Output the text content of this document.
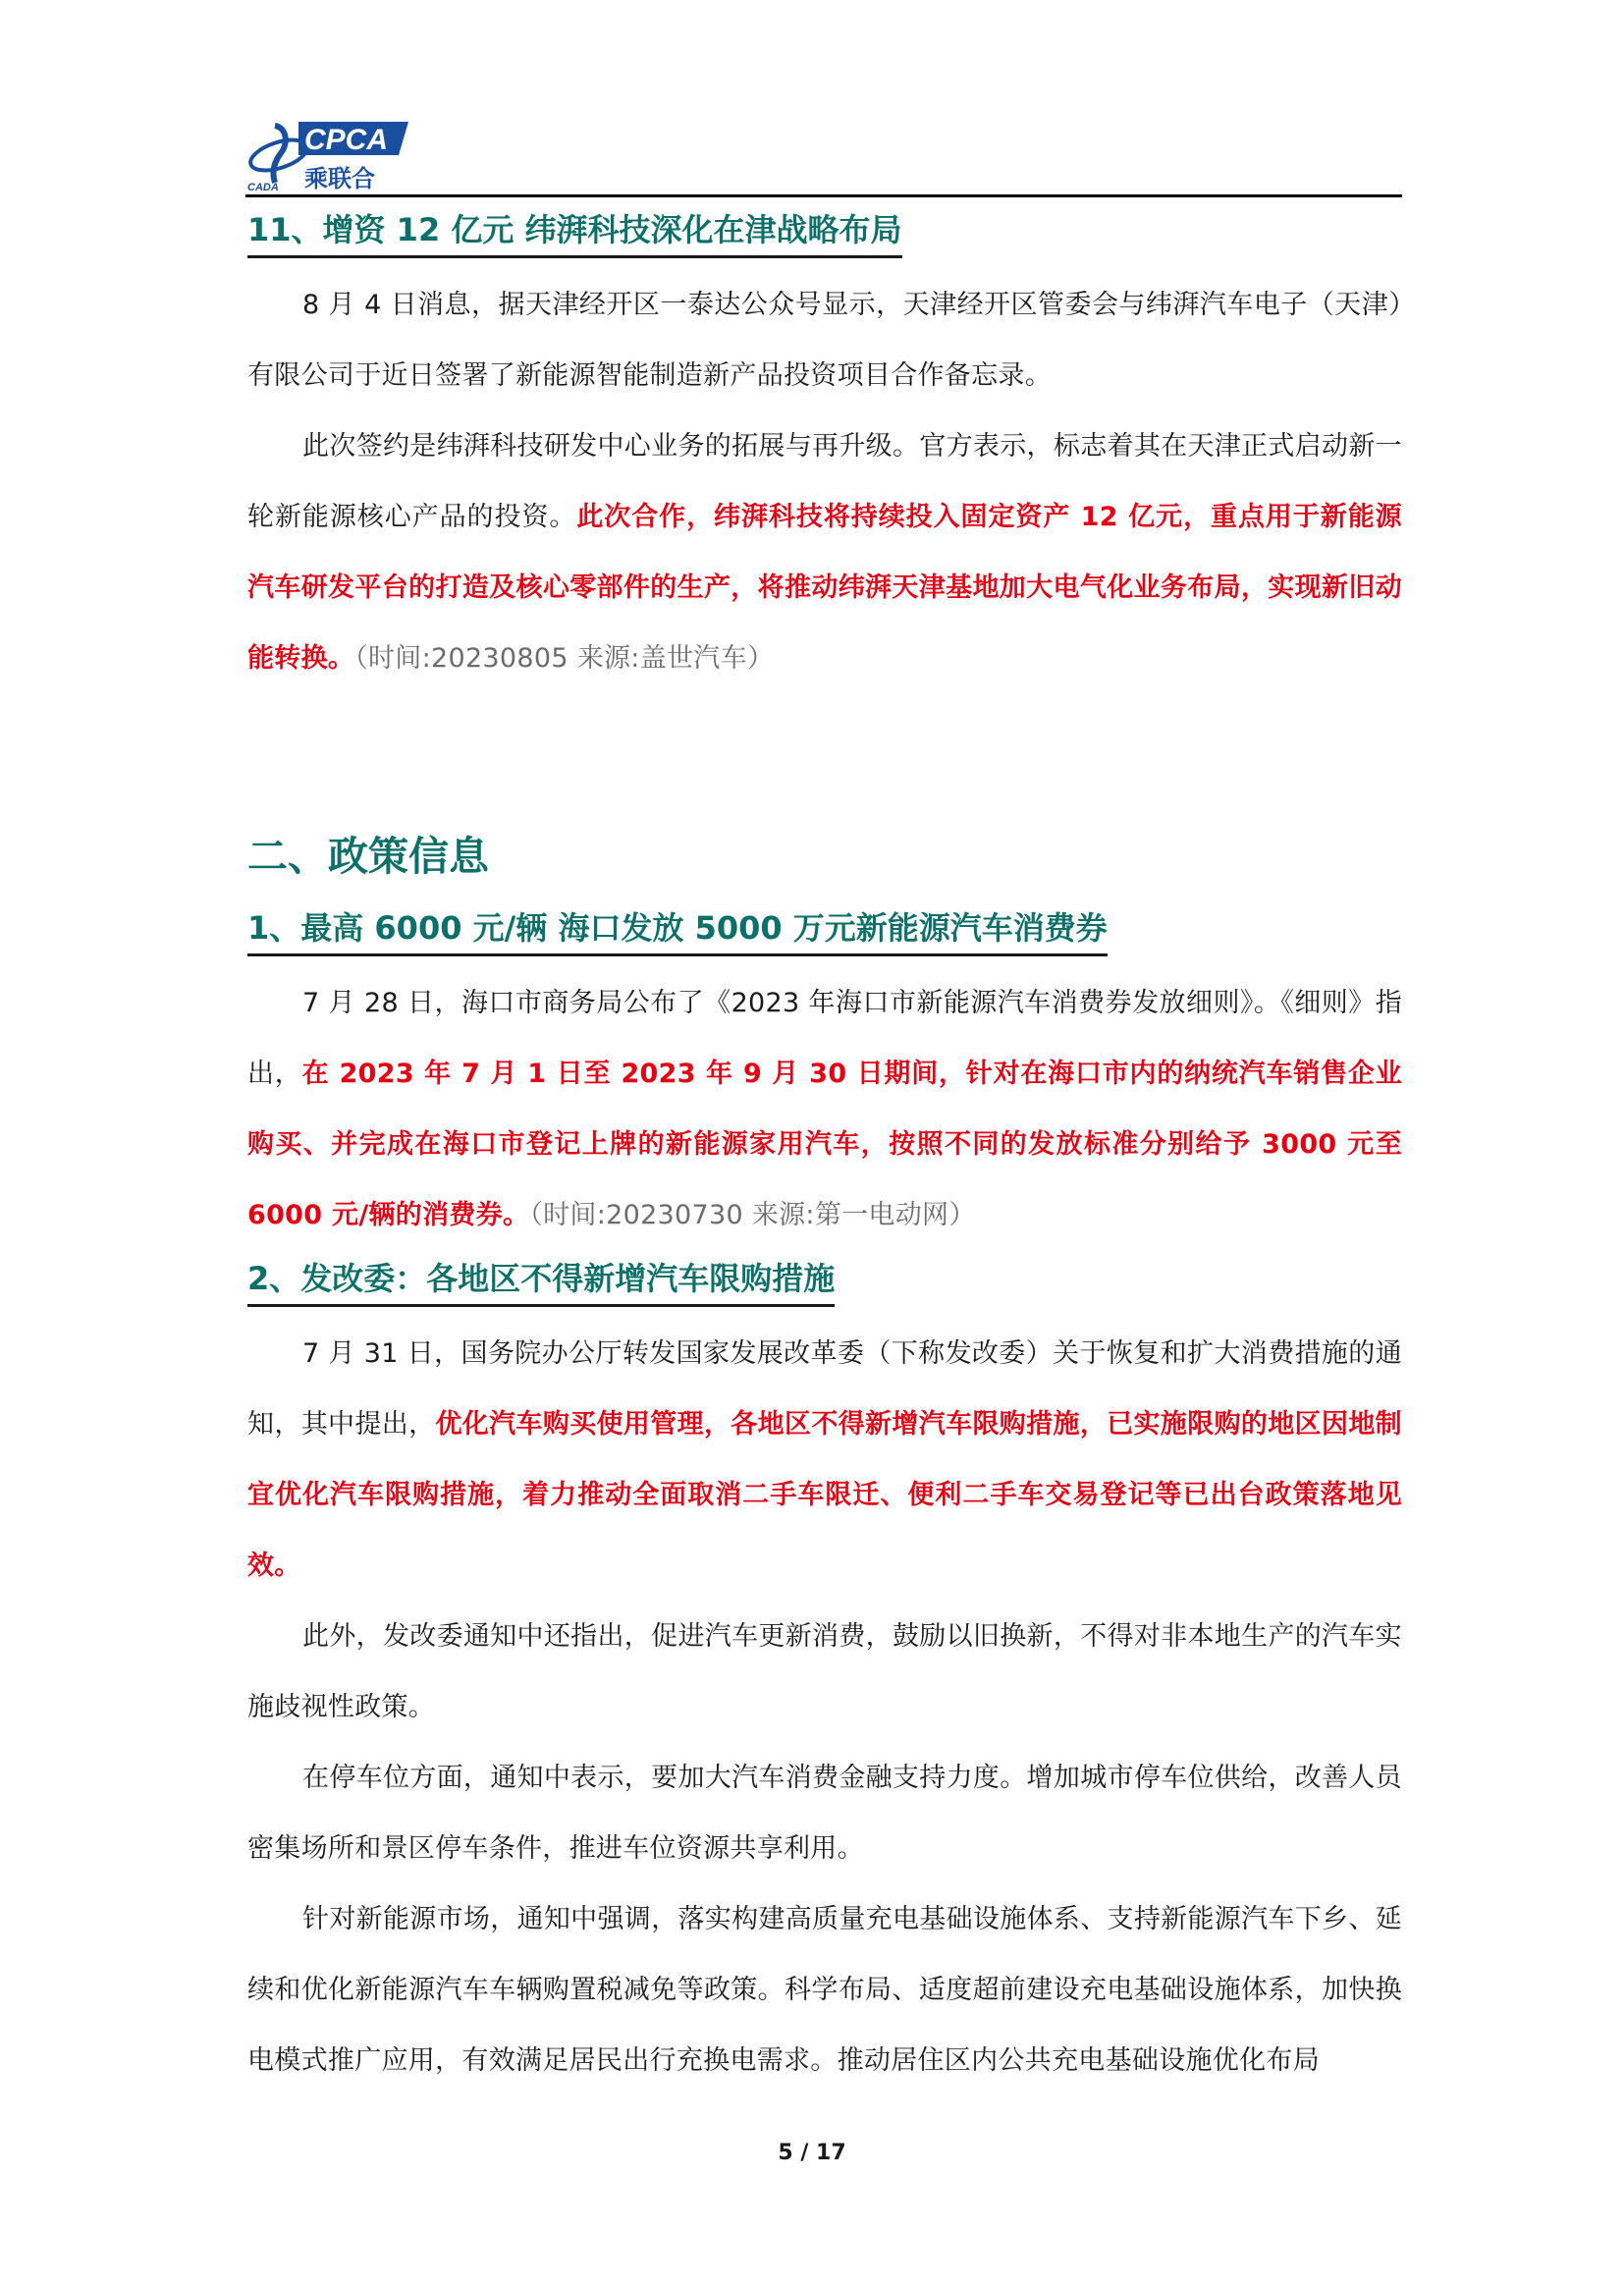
CPCA
CADA 乘联合
11、增资 12 亿元 纬湃科技深化在津战略布局

8 月 4 日消息，据天津经开区一泰达公众号显示，天津经开区管委会与纬湃汽车电子（天津）有限公司于近日签署了新能源智能制造新产品投资项目合作备忘录。

此次签约是纬湃科技研发中心业务的拓展与再升级。官方表示，标志着其在天津正式启动新一轮新能源核心产品的投资。此次合作，纬湃科技将持续投入固定资产 12 亿元，重点用于新能源汽车研发平台的打造及核心零部件的生产，将推动纬湃天津基地加大电气化业务布局，实现新旧动能转换。（时间:20230805 来源:盖世汽车）

二、政策信息
1、最高 6000 元/辆 海口发放 5000 万元新能源汽车消费券

7 月 28 日，海口市商务局公布了《2023 年海口市新能源汽车消费券发放细则》。《细则》指出，在 2023 年 7 月 1 日至 2023 年 9 月 30 日期间，针对在海口市内的纳统汽车销售企业购买、并完成在海口市登记上牌的新能源家用汽车，按照不同的发放标准分别给予 3000 元至 6000 元/辆的消费券。（时间:20230730 来源:第一电动网）

2、发改委：各地区不得新增汽车限购措施

7 月 31 日，国务院办公厅转发国家发展改革委（下称发改委）关于恢复和扩大消费措施的通知，其中提出，优化汽车购买使用管理，各地区不得新增汽车限购措施，已实施限购的地区因地制宜优化汽车限购措施，着力推动全面取消二手车限迁、便利二手车交易登记等已出台政策落地见效。

此外，发改委通知中还指出，促进汽车更新消费，鼓励以旧换新，不得对非本地生产的汽车实施歧视性政策。

在停车位方面，通知中表示，要加大汽车消费金融支持力度。增加城市停车位供给，改善人员密集场所和景区停车条件，推进车位资源共享利用。

针对新能源市场，通知中强调，落实构建高质量充电基础设施体系、支持新能源汽车下乡、延续和优化新能源汽车车辆购置税减免等政策。科学布局、适度超前建设充电基础设施体系，加快换电模式推广应用，有效满足居民出行充换电需求。推动居住区内公共充电基础设施优化布局

5 / 17
